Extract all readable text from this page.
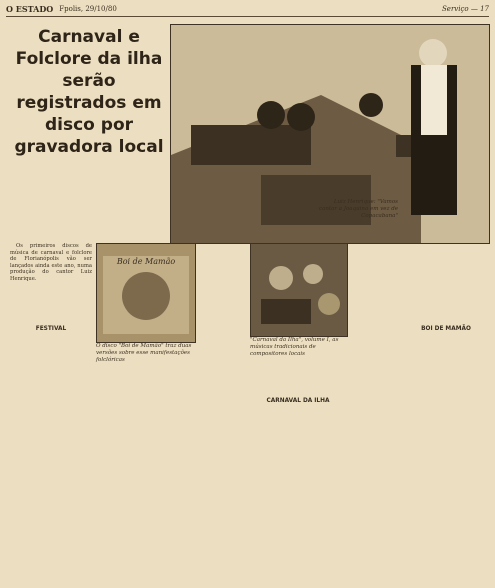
O ESTADO Fpolis, 29/10/80	Serviço — 17
Carnaval e Folclore da ilha serão registrados em disco por gravadora local
Luiz Henrique: "Vamos cantar a Joaquina em vez de Copacabana"
Boi de Mamão
O disco "Boi de Mamão" traz duas versões sobre esse manifestações folclóricas
"Carnaval da Ilha", volume I, as músicas tradicionais de compositores locais

Os primeiros discos de música de carnaval e folclore de Florianópolis vão ser lançados ainda este ano, numa produção do cantor Luiz Henrique.

FESTIVAL
CARNAVAL DA ILHA
BOI DE MAMÃO
